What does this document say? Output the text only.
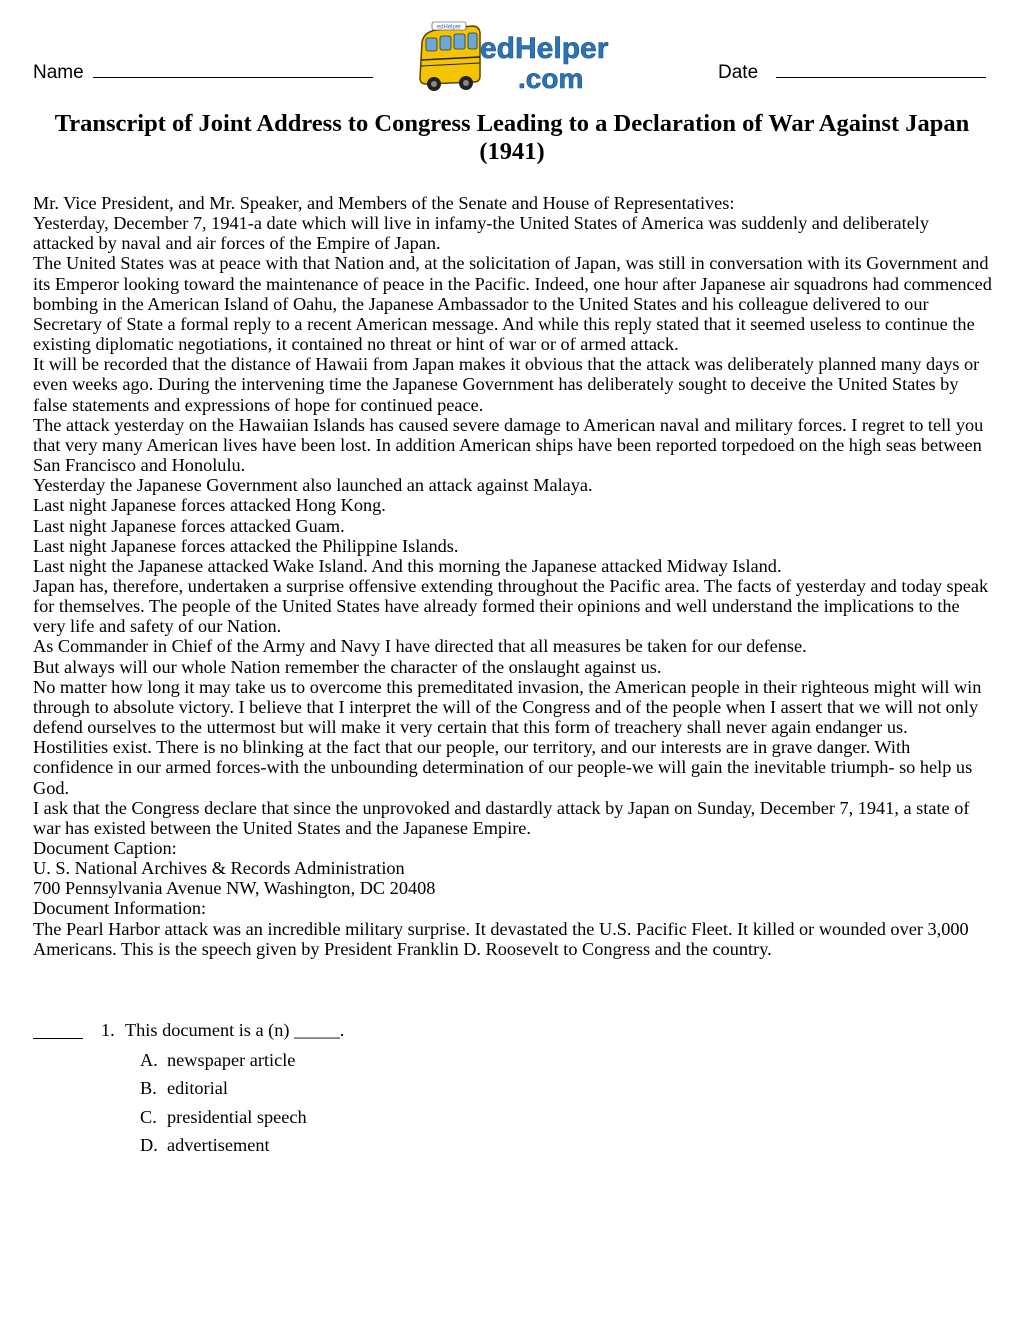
Name
edHelper
edHelper
.com	Date
Transcript of Joint Address to Congress Leading to a Declaration of War Against Japan (1941)

Mr. Vice President, and Mr. Speaker, and Members of the Senate and House of Representatives:

Yesterday, December 7, 1941-a date which will live in infamy-the United States of America was suddenly and deliberately attacked by naval and air forces of the Empire of Japan.

The United States was at peace with that Nation and, at the solicitation of Japan, was still in conversation with its Government and its Emperor looking toward the maintenance of peace in the Pacific. Indeed, one hour after Japanese air squadrons had commenced bombing in the American Island of Oahu, the Japanese Ambassador to the United States and his colleague delivered to our Secretary of State a formal reply to a recent American message. And while this reply stated that it seemed useless to continue the existing diplomatic negotiations, it contained no threat or hint of war or of armed attack.

It will be recorded that the distance of Hawaii from Japan makes it obvious that the attack was deliberately planned many days or even weeks ago. During the intervening time the Japanese Government has deliberately sought to deceive the United States by false statements and expressions of hope for continued peace.

The attack yesterday on the Hawaiian Islands has caused severe damage to American naval and military forces. I regret to tell you that very many American lives have been lost. In addition American ships have been reported torpedoed on the high seas between San Francisco and Honolulu.

Yesterday the Japanese Government also launched an attack against Malaya.

Last night Japanese forces attacked Hong Kong.

Last night Japanese forces attacked Guam.

Last night Japanese forces attacked the Philippine Islands.

Last night the Japanese attacked Wake Island. And this morning the Japanese attacked Midway Island.

Japan has, therefore, undertaken a surprise offensive extending throughout the Pacific area. The facts of yesterday and today speak for themselves. The people of the United States have already formed their opinions and well understand the implications to the very life and safety of our Nation.

As Commander in Chief of the Army and Navy I have directed that all measures be taken for our defense.

But always will our whole Nation remember the character of the onslaught against us.

No matter how long it may take us to overcome this premeditated invasion, the American people in their righteous might will win through to absolute victory. I believe that I interpret the will of the Congress and of the people when I assert that we will not only defend ourselves to the uttermost but will make it very certain that this form of treachery shall never again endanger us.

Hostilities exist. There is no blinking at the fact that our people, our territory, and our interests are in grave danger. With confidence in our armed forces-with the unbounding determination of our people-we will gain the inevitable triumph- so help us God.

I ask that the Congress declare that since the unprovoked and dastardly attack by Japan on Sunday, December 7, 1941, a state of war has existed between the United States and the Japanese Empire.

Document Caption:

U. S. National Archives & Records Administration

700 Pennsylvania Avenue NW, Washington, DC 20408

Document Information:

The Pearl Harbor attack was an incredible military surprise. It devastated the U.S. Pacific Fleet. It killed or wounded over 3,000 Americans. This is the speech given by President Franklin D. Roosevelt to Congress and the country.

1. This document is a (n) _____.
A. newspaper article
B. editorial
C. presidential speech
D. advertisement
